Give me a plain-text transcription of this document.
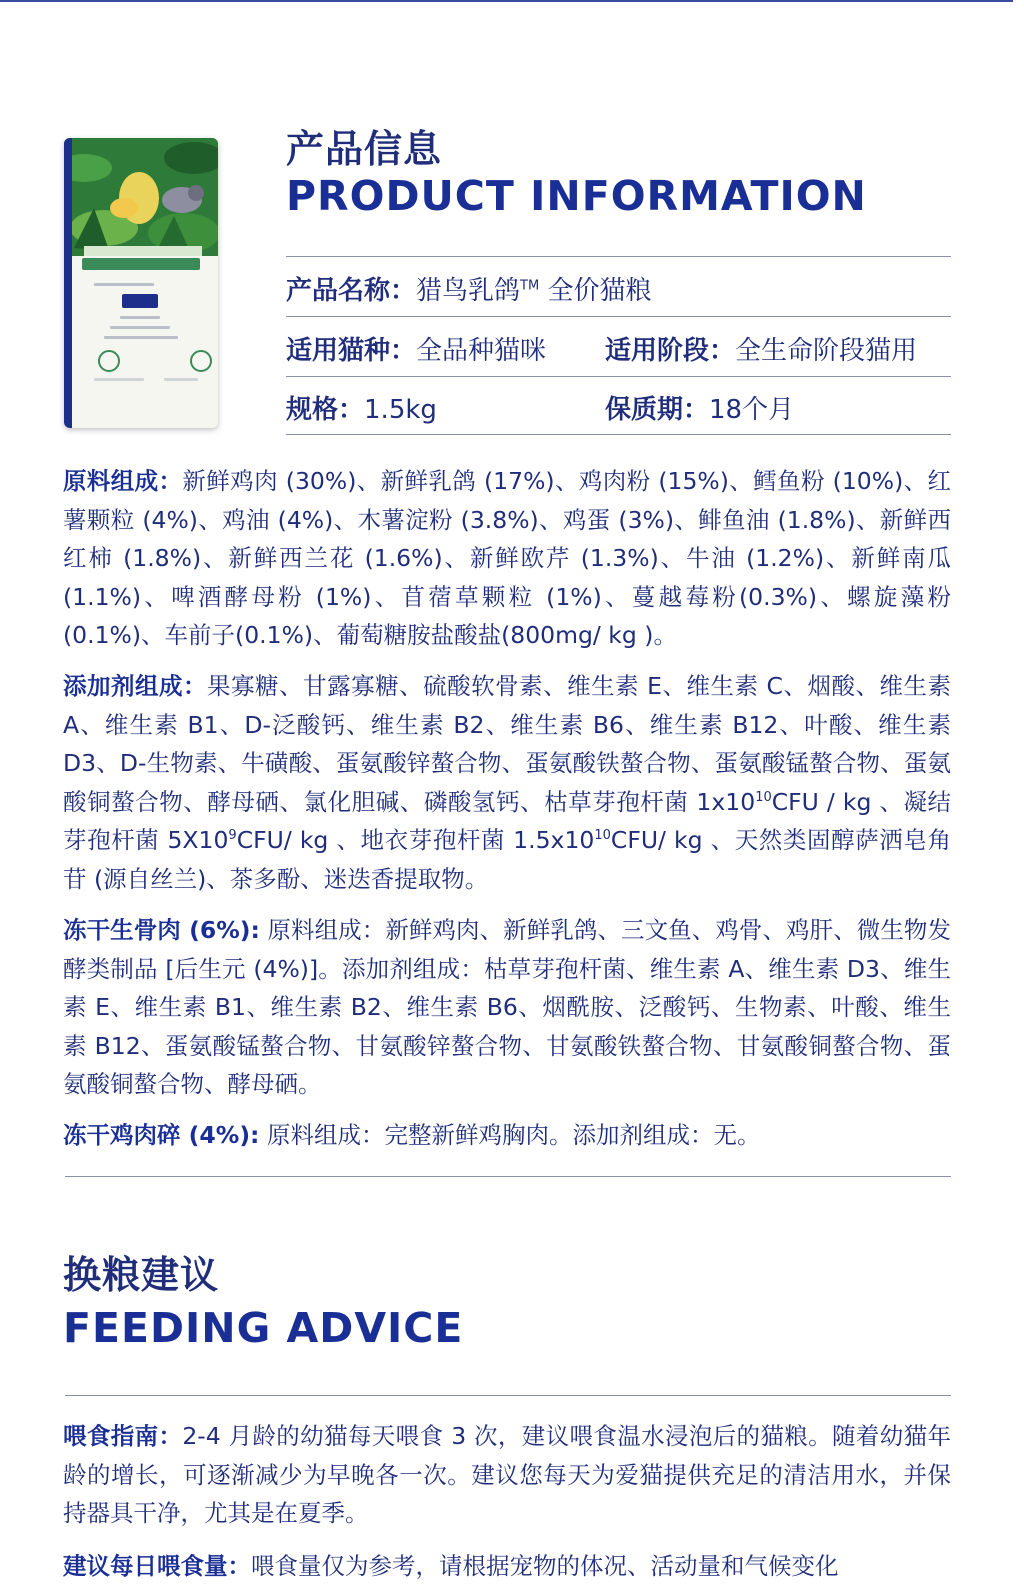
产品信息
PRODUCT INFORMATION
产品名称：猎鸟乳鸽™ 全价猫粮
适用猫种：全品种猫咪 适用阶段：全生命阶段猫用
规格：1.5kg	保质期：18个月
原料组成：新鲜鸡肉 (30%)、新鲜乳鸽 (17%)、鸡肉粉 (15%)、鳕鱼粉 (10%)、红薯颗粒 (4%)、鸡油 (4%)、木薯淀粉 (3.8%)、鸡蛋 (3%)、鲱鱼油 (1.8%)、新鲜西红柿 (1.8%)、新鲜西兰花 (1.6%)、新鲜欧芹 (1.3%)、牛油 (1.2%)、新鲜南瓜 (1.1%)、啤酒酵母粉 (1%)、苜蓿草颗粒 (1%)、蔓越莓粉(0.3%)、螺旋藻粉(0.1%)、车前子(0.1%)、葡萄糖胺盐酸盐(800mg/ kg )。
添加剂组成：果寡糖、甘露寡糖、硫酸软骨素、维生素 E、维生素 C、烟酸、维生素 A、维生素 B1、D-泛酸钙、维生素 B2、维生素 B6、维生素 B12、叶酸、维生素 D3、D-生物素、牛磺酸、蛋氨酸锌螯合物、蛋氨酸铁螯合物、蛋氨酸锰螯合物、蛋氨酸铜螯合物、酵母硒、氯化胆碱、磷酸氢钙、枯草芽孢杆菌 $1x10^{10}CFU$ / kg 、凝结芽孢杆菌 $5X10^9CFU/$ kg 、地衣芽孢杆菌 $1.5x10^{10}CFU/$ kg 、天然类固醇萨洒皂角苷 (源自丝兰)、茶多酚、迷迭香提取物。
冻干生骨肉 (6%): 原料组成：新鲜鸡肉、新鲜乳鸽、三文鱼、鸡骨、鸡肝、微生物发酵类制品 [后生元 (4%)]。添加剂组成：枯草芽孢杆菌、维生素 A、维生素 D3、维生素 E、维生素 B1、维生素 B2、维生素 B6、烟酰胺、泛酸钙、生物素、叶酸、维生素 B12、蛋氨酸锰螯合物、甘氨酸锌螯合物、甘氨酸铁螯合物、甘氨酸铜螯合物、蛋氨酸铜螯合物、酵母硒。
冻干鸡肉碎 (4%): 原料组成：完整新鲜鸡胸肉。添加剂组成：无。
换粮建议
FEEDING ADVICE
喂食指南：2-4 月龄的幼猫每天喂食 3 次，建议喂食温水浸泡后的猫粮。随着幼猫年龄的增长，可逐渐减少为早晚各一次。建议您每天为爱猫提供充足的清洁用水，并保持器具干净，尤其是在夏季。
建议每日喂食量：喂食量仅为参考，请根据宠物的体况、活动量和气候变化
